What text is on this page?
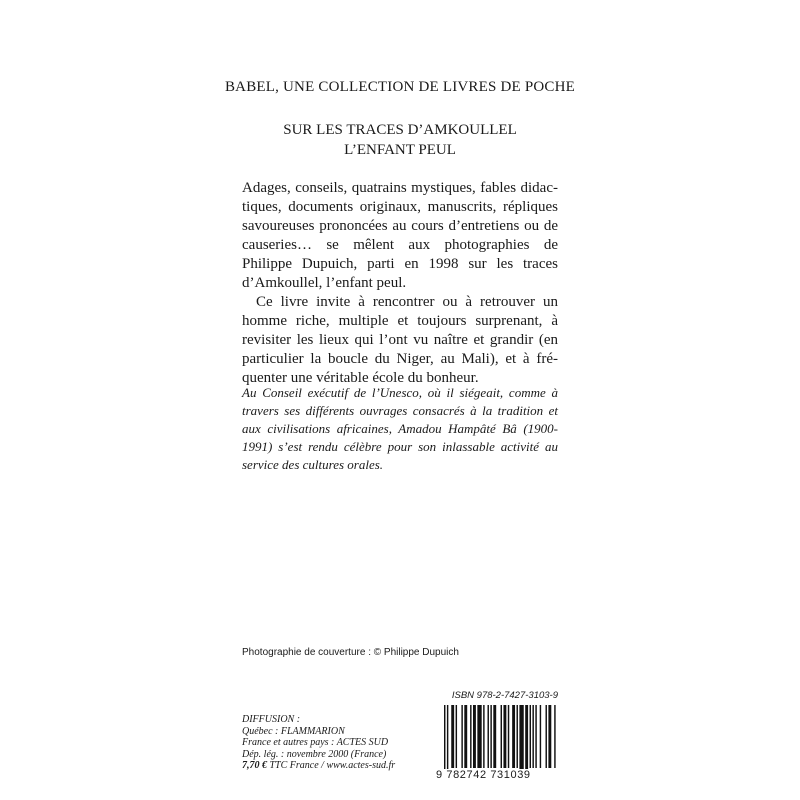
BABEL, UNE COLLECTION DE LIVRES DE POCHE
SUR LES TRACES D’AMKOULLEL
L’ENFANT PEUL

Adages, conseils, quatrains mystiques, fables didactiques, documents originaux, manuscrits, répliques savoureuses prononcées au cours d’entretiens ou de causeries… se mêlent aux photographies de Philippe Dupuich, parti en 1998 sur les traces d’Amkoullel, l’enfant peul.

Ce livre invite à rencontrer ou à retrouver un homme riche, multiple et toujours surprenant, à revisiter les lieux qui l’ont vu naître et grandir (en particulier la boucle du Niger, au Mali), et à fréquenter une véritable école du bonheur.

Au Conseil exécutif de l’Unesco, où il siégeait, comme à travers ses différents ouvrages consacrés à la tradition et aux civilisations africaines, Amadou Hampâté Bâ (1900-1991) s’est rendu célèbre pour son inlassable activité au service des cultures orales.
Photographie de couverture : © Philippe Dupuich
ISBN 978-2-7427-3103-9
DIFFUSION :
Québec : FLAMMARION
France et autres pays : ACTES SUD
Dép. lég. : novembre 2000 (France)
7,70 € TTC France / www.actes-sud.fr
9 782742 731039
